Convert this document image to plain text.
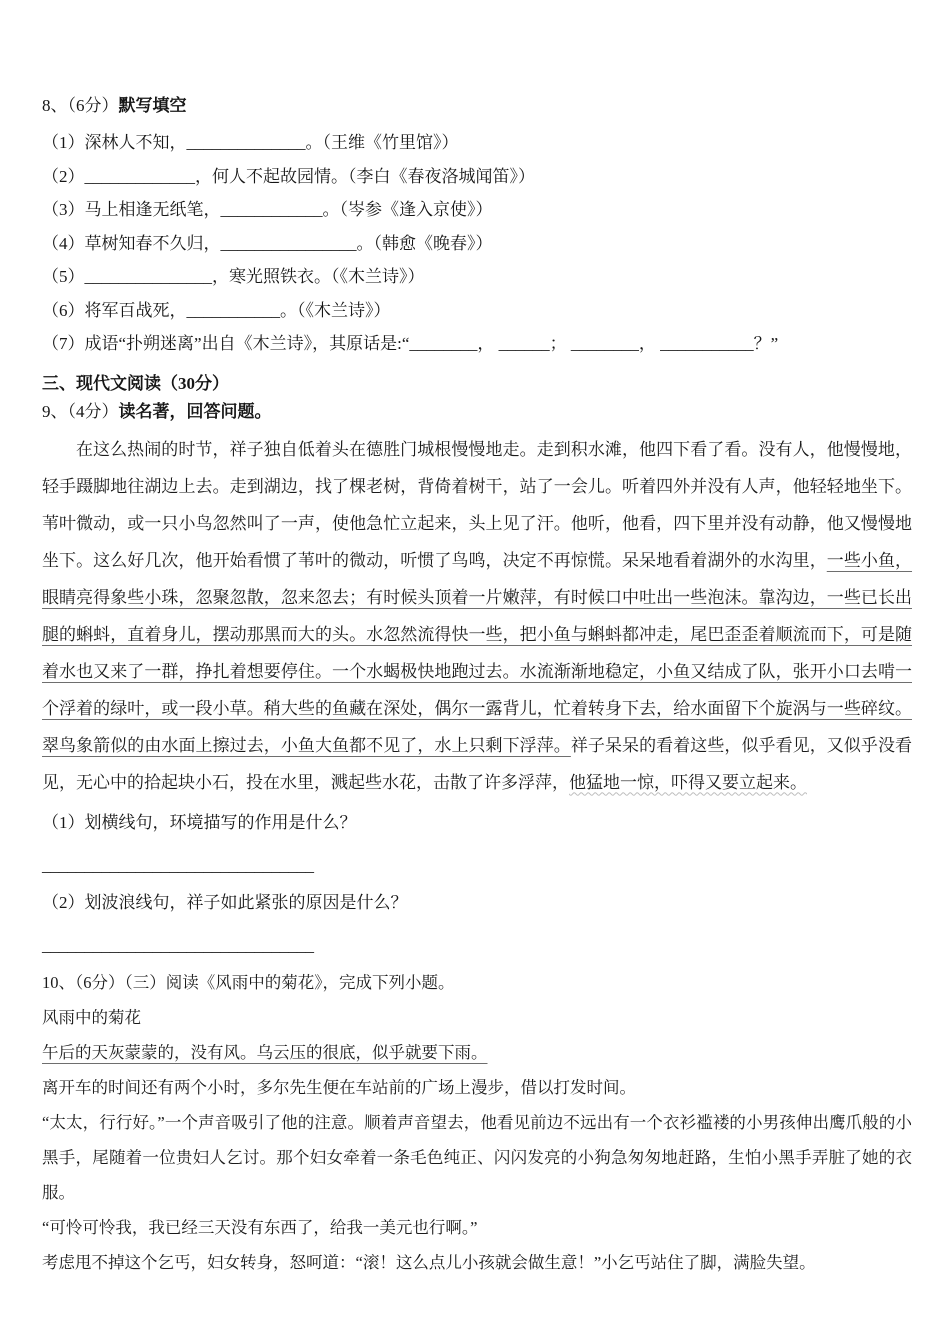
8、（6分）默写填空
（1）深林人不知，______________。（王维《竹里馆》）
（2）_____________，何人不起故园情。（李白《春夜洛城闻笛》）
（3）马上相逢无纸笔，____________。（岑参《逢入京使》）
（4）草树知春不久归，________________。（韩愈《晚春》）
（5）_______________，寒光照铁衣。（《木兰诗》）
（6）将军百战死，___________。（《木兰诗》）
（7）成语“扑朔迷离”出自《木兰诗》，其原话是:“________， ______； ________， ___________？”
三、现代文阅读（30分）
9、（4分）读名著，回答问题。

在这么热闹的时节，祥子独自低着头在德胜门城根慢慢地走。走到积水滩，他四下看了看。没有人，他慢慢地，轻手蹑脚地往湖边上去。走到湖边，找了棵老树，背倚着树干，站了一会儿。听着四外并没有人声，他轻轻地坐下。苇叶微动，或一只小鸟忽然叫了一声，使他急忙立起来，头上见了汗。他听，他看，四下里并没有动静，他又慢慢地坐下。这么好几次，他开始看惯了苇叶的微动，听惯了鸟鸣，决定不再惊慌。呆呆地看着湖外的水沟里，一些小鱼，眼睛亮得象些小珠，忽聚忽散，忽来忽去；有时候头顶着一片嫩萍，有时候口中吐出一些泡沫。靠沟边，一些已长出腿的蝌蚪，直着身儿，摆动那黑而大的头。水忽然流得快一些，把小鱼与蝌蚪都冲走，尾巴歪歪着顺流而下，可是随着水也又来了一群，挣扎着想要停住。一个水蝎极快地跑过去。水流渐渐地稳定，小鱼又结成了队，张开小口去啃一个浮着的绿叶，或一段小草。稍大些的鱼藏在深处，偶尔一露背儿，忙着转身下去，给水面留下个旋涡与一些碎纹。翠鸟象箭似的由水面上擦过去，小鱼大鱼都不见了，水上只剩下浮萍。祥子呆呆的看着这些，似乎看见，又似乎没看见，无心中的拾起块小石，投在水里，溅起些水花，击散了许多浮萍，他猛地一惊，吓得又要立起来。

（1）划横线句，环境描写的作用是什么？
________________________________
（2）划波浪线句，祥子如此紧张的原因是什么？
________________________________

10、（6分）（三）阅读《风雨中的菊花》，完成下列小题。

风雨中的菊花

午后的天灰蒙蒙的，没有风。乌云压的很底，似乎就要下雨。

离开车的时间还有两个小时，多尔先生便在车站前的广场上漫步，借以打发时间。

“太太，行行好。”一个声音吸引了他的注意。顺着声音望去，他看见前边不远出有一个衣衫褴褛的小男孩伸出鹰爪般的小黑手，尾随着一位贵妇人乞讨。那个妇女牵着一条毛色纯正、闪闪发亮的小狗急匆匆地赶路，生怕小黑手弄脏了她的衣服。

“可怜可怜我，我已经三天没有东西了，给我一美元也行啊。”

考虑甩不掉这个乞丐，妇女转身，怒呵道：“滚！这么点儿小孩就会做生意！”小乞丐站住了脚，满脸失望。
